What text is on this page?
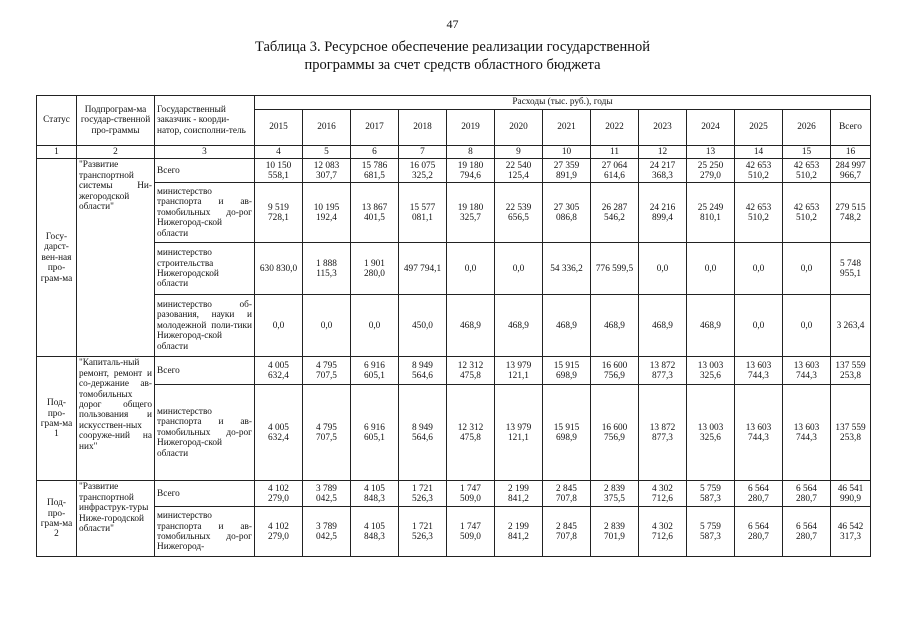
47
Таблица 3. Ресурсное обеспечение реализации государственной
программы за счет средств областного бюджета
Статус	Подпрограм-ма государ-ственной про-граммы	Государственный заказчик - коорди-натор, соисполни-тель	Расходы (тыс. руб.), годы												
			2015	2016	2017	2018	2019	2020	2021	2022	2023	2024	2025	2026	Всего
1	2	3	4	5	6	7	8	9	10	11	12	13	14	15	16
Госу-дарст-вен-ная про-грам-ма	"Развитие транспортной системы Ни-жегородской области"	Всего	10 150 558,1	12 083 307,7	15 786 681,5	16 075 325,2	19 180 794,6	22 540 125,4	27 359 891,9	27 064 614,6	24 217 368,3	25 250 279,0	42 653 510,2	42 653 510,2	284 997 966,7
		министерство транспорта и ав-томобильных до-рог Нижегород-ской области	9 519 728,1	10 195 192,4	13 867 401,5	15 577 081,1	19 180 325,7	22 539 656,5	27 305 086,8	26 287 546,2	24 216 899,4	25 249 810,1	42 653 510,2	42 653 510,2	279 515 748,2
		министерство строительства Нижегородской области	630 830,0	1 888 115,3	1 901 280,0	497 794,1	0,0	0,0	54 336,2	776 599,5	0,0	0,0	0,0	0,0	5 748 955,1
		министерство об-разования, науки и молодежной поли-тики Нижегород-ской области	0,0	0,0	0,0	450,0	468,9	468,9	468,9	468,9	468,9	468,9	0,0	0,0	3 263,4
Под-про-грам-ма 1	"Капиталь-ный ремонт, ремонт и со-держание ав-томобильных дорог общего пользования и искусствен-ных сооруже-ний на них"	Всего	4 005 632,4	4 795 707,5	6 916 605,1	8 949 564,6	12 312 475,8	13 979 121,1	15 915 698,9	16 600 756,9	13 872 877,3	13 003 325,6	13 603 744,3	13 603 744,3	137 559 253,8
		министерство транспорта и ав-томобильных до-рог Нижегород-ской области	4 005 632,4	4 795 707,5	6 916 605,1	8 949 564,6	12 312 475,8	13 979 121,1	15 915 698,9	16 600 756,9	13 872 877,3	13 003 325,6	13 603 744,3	13 603 744,3	137 559 253,8
Под-про-грам-ма 2	"Развитие транспортной инфраструк-туры Ниже-городской области"	Всего	4 102 279,0	3 789 042,5	4 105 848,3	1 721 526,3	1 747 509,0	2 199 841,2	2 845 707,8	2 839 375,5	4 302 712,6	5 759 587,3	6 564 280,7	6 564 280,7	46 541 990,9
		министерство транспорта и ав-томобильных до-рог Нижегород-	4 102 279,0	3 789 042,5	4 105 848,3	1 721 526,3	1 747 509,0	2 199 841,2	2 845 707,8	2 839 701,9	4 302 712,6	5 759 587,3	6 564 280,7	6 564 280,7	46 542 317,3
